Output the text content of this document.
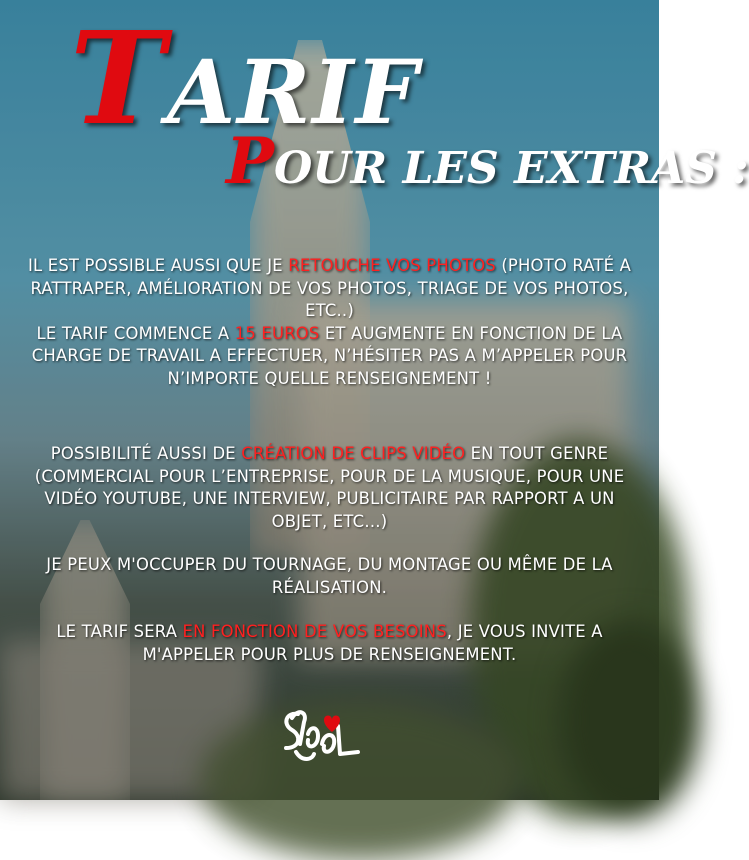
TARIF
POUR LES EXTRAS :
IL EST POSSIBLE AUSSI QUE JE RETOUCHE VOS PHOTOS (PHOTO RATÉ A RATTRAPER, AMÉLIORATION DE VOS PHOTOS, TRIAGE DE VOS PHOTOS, ETC..)
LE TARIF COMMENCE A 15 EUROS ET AUGMENTE EN FONCTION DE LA CHARGE DE TRAVAIL A EFFECTUER, N’HÉSITER PAS A M’APPELER POUR N’IMPORTE QUELLE RENSEIGNEMENT !
POSSIBILITÉ AUSSI DE CRÉATION DE CLIPS VIDÉO EN TOUT GENRE (COMMERCIAL POUR L’ENTREPRISE, POUR DE LA MUSIQUE, POUR UNE VIDÉO YOUTUBE, UNE INTERVIEW, PUBLICITAIRE PAR RAPPORT A UN OBJET, ETC…)
JE PEUX M'OCCUPER DU TOURNAGE, DU MONTAGE OU MÊME DE LA RÉALISATION.
LE TARIF SERA EN FONCTION DE VOS BESOINS, JE VOUS INVITE A M'APPELER POUR PLUS DE RENSEIGNEMENT.
